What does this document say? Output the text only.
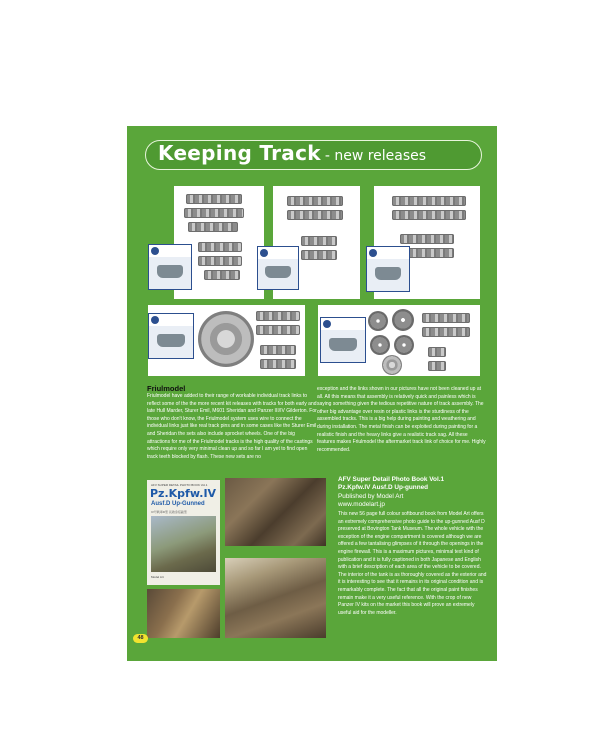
Keeping Track - new releases
Friulmodel

Friulmodel have added to their range of workable individual track links to reflect some of the the more recent kit releases with tracks for both early and late Hull Marder, Sturer Emil, M601 Sheridan and Panzer III/IV Gilderton. For those who don't know, the Friulmodel system uses wire to connect the individual links just like real track pins and in some cases like the Sturer Emil and Sheridan the sets also include sprocket wheels. One of the big attractions for me of the Friulmodel tracks is the high quality of the castings which require only very minimal clean up and so far I am yet to find open track teeth blocked by flash. These new sets are no

exception and the links shown in our pictures have not been cleaned up at all. All this means that assembly is relatively quick and painless which is saying something given the tedious repetitive nature of track assembly. The other big advantage over resin or plastic links is the sturdiness of the assembled tracks. This is a big help during painting and weathering and during installation. The metal finish can be exploited during painting for a realistic finish and the heavy links give a realistic track sag. All these features makes Friulmodel the aftermarket track link of choice for me. Highly recommended.

AFV SUPER DETAIL PHOTO BOOK Vol.1
Pz.Kpfw.IV
Ausf.D Up-Gunned
IV号戦車D型 長砲身搭載型
Model Art

AFV Super Detail Photo Book Vol.1
Pz.Kpfw.IV Ausf.D Up-gunned

Published by Model Art
www.modelart.jp

This new 56 page full colour softbound book from Model Art offers an extremely comprehensive photo guide to the up-gunned Ausf D preserved at Bovington Tank Museum. The whole vehicle with the exception of the engine compartment is covered although we are offered a few tantalising glimpses of it through the openings in the engine firewall. This is a maximum pictures, minimal text kind of publication and it is fully captioned in both Japanese and English with a brief description of each area of the vehicle to be covered. The interior of the tank is as thoroughly covered as the exterior and it is interesting to see that it remains in its original condition and is remarkably complete. The fact that all the original paint finishes remain make it a very useful reference. With the crop of new Panzer IV kits on the market this book will prove an extremely useful aid for the modeller.

48
